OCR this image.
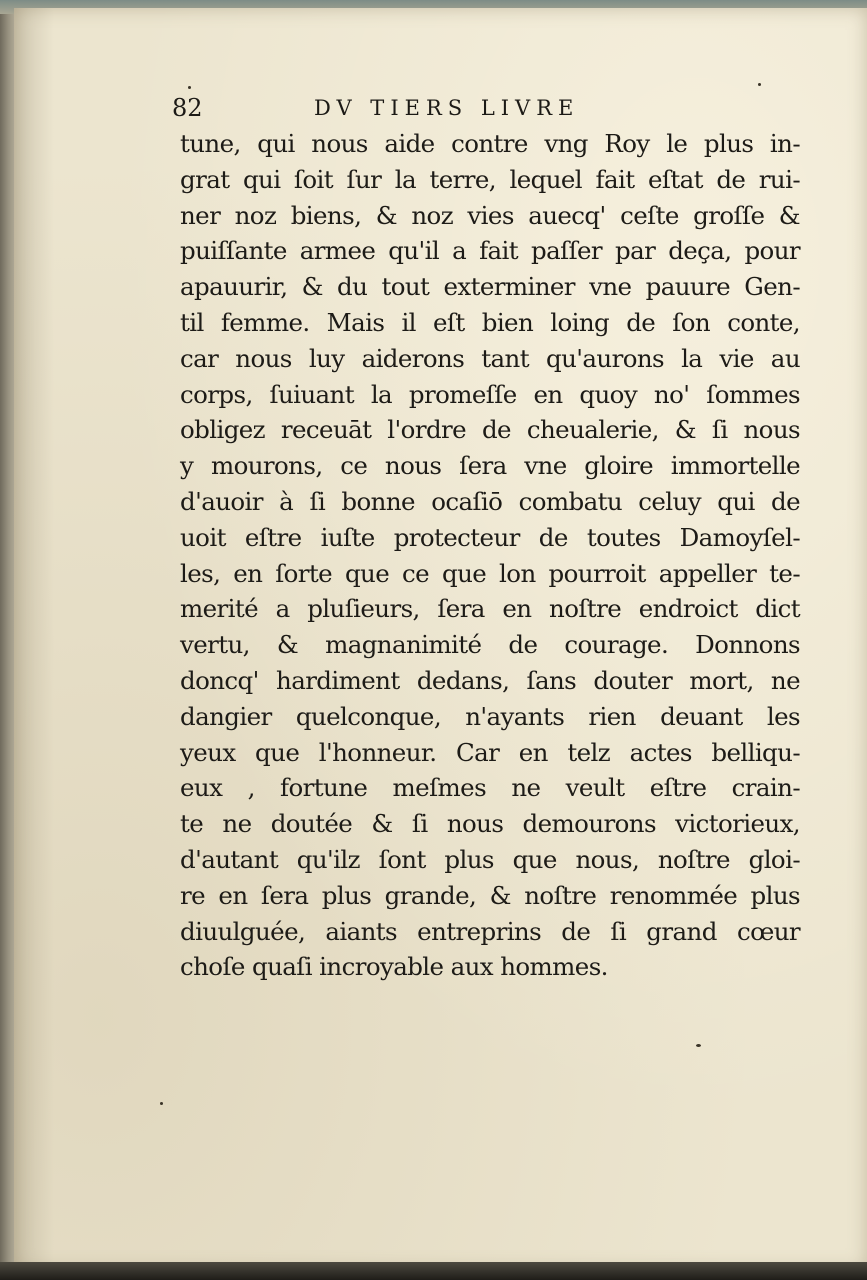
82	DV TIERS LIVRE
tune, qui nous aide contre vng Roy le plus in-
grat qui ſoit ſur la terre, lequel fait eſtat de rui-
ner noz biens, & noz vies auecq' ceſte groſſe &
puiſſante armee qu'il a fait paſſer par deça, pour
apauurir, & du tout exterminer vne pauure Gen-
til femme. Mais il eſt bien loing de ſon conte,
car nous luy aiderons tant qu'aurons la vie au
corps, ſuiuant la promeſſe en quoy no' ſommes
obligez receuāt l'ordre de cheualerie, & ſi nous
y mourons, ce nous ſera vne gloire immortelle
d'auoir à ſi bonne ocaſiō combatu celuy qui de
uoit eſtre iuſte protecteur de toutes Damoyſel-
les, en ſorte que ce que lon pourroit appeller te-
merité a pluſieurs, ſera en noſtre endroict dict
vertu, & magnanimité de courage. Donnons
doncq' hardiment dedans, ſans douter mort, ne
dangier quelconque, n'ayants rien deuant les
yeux que l'honneur. Car en telz actes belliqu-
eux , fortune meſmes ne veult eſtre crain-
te ne doutée & ſi nous demourons victorieux,
d'autant qu'ilz ſont plus que nous, noſtre gloi-
re en ſera plus grande, & noſtre renommée plus
diuulguée, aiants entreprins de ſi grand cœur
choſe quaſi incroyable aux hommes.
